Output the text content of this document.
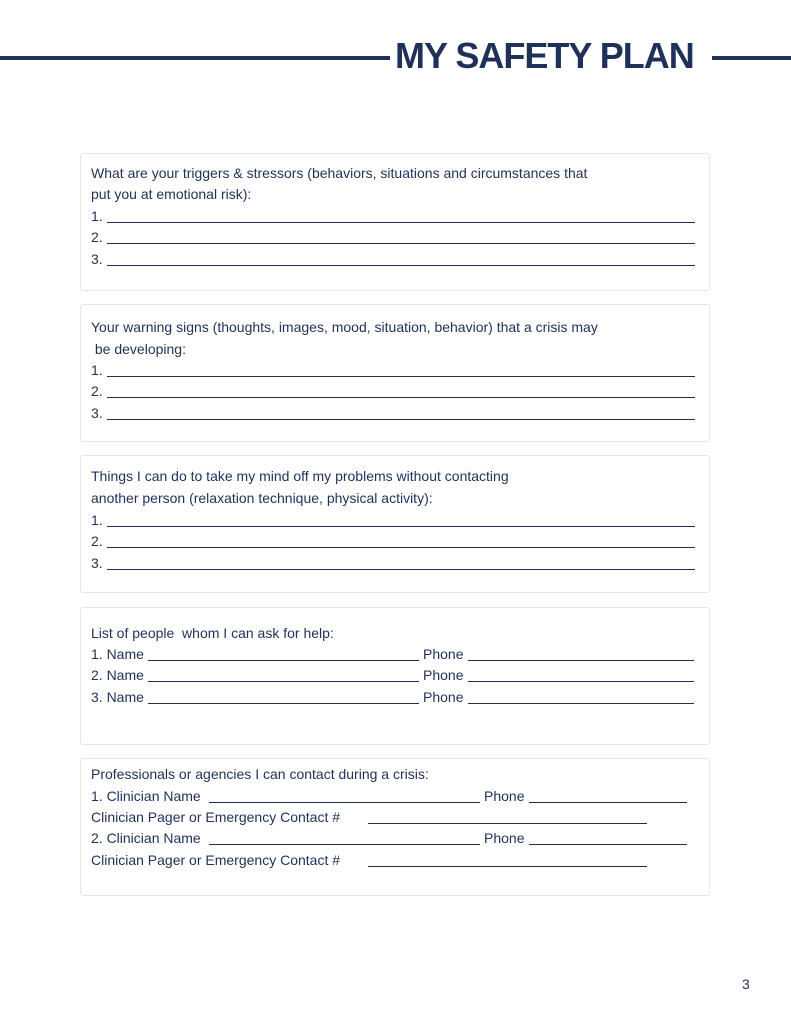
MY SAFETY PLAN
What are your triggers & stressors (behaviors, situations and circumstances that
put you at emotional risk):
1.
2.
3.
Your warning signs (thoughts, images, mood, situation, behavior) that a crisis may
be developing:
1.
2.
3.
Things I can do to take my mind off my problems without contacting
another person (relaxation technique, physical activity):
1.
2.
3.
List of people  whom I can ask for help:
1. Name	Phone
2. Name	Phone
3. Name	Phone
Professionals or agencies I can contact during a crisis:
1. Clinician Name	Phone
Clinician Pager or Emergency Contact #
2. Clinician Name	Phone
Clinician Pager or Emergency Contact #
3
